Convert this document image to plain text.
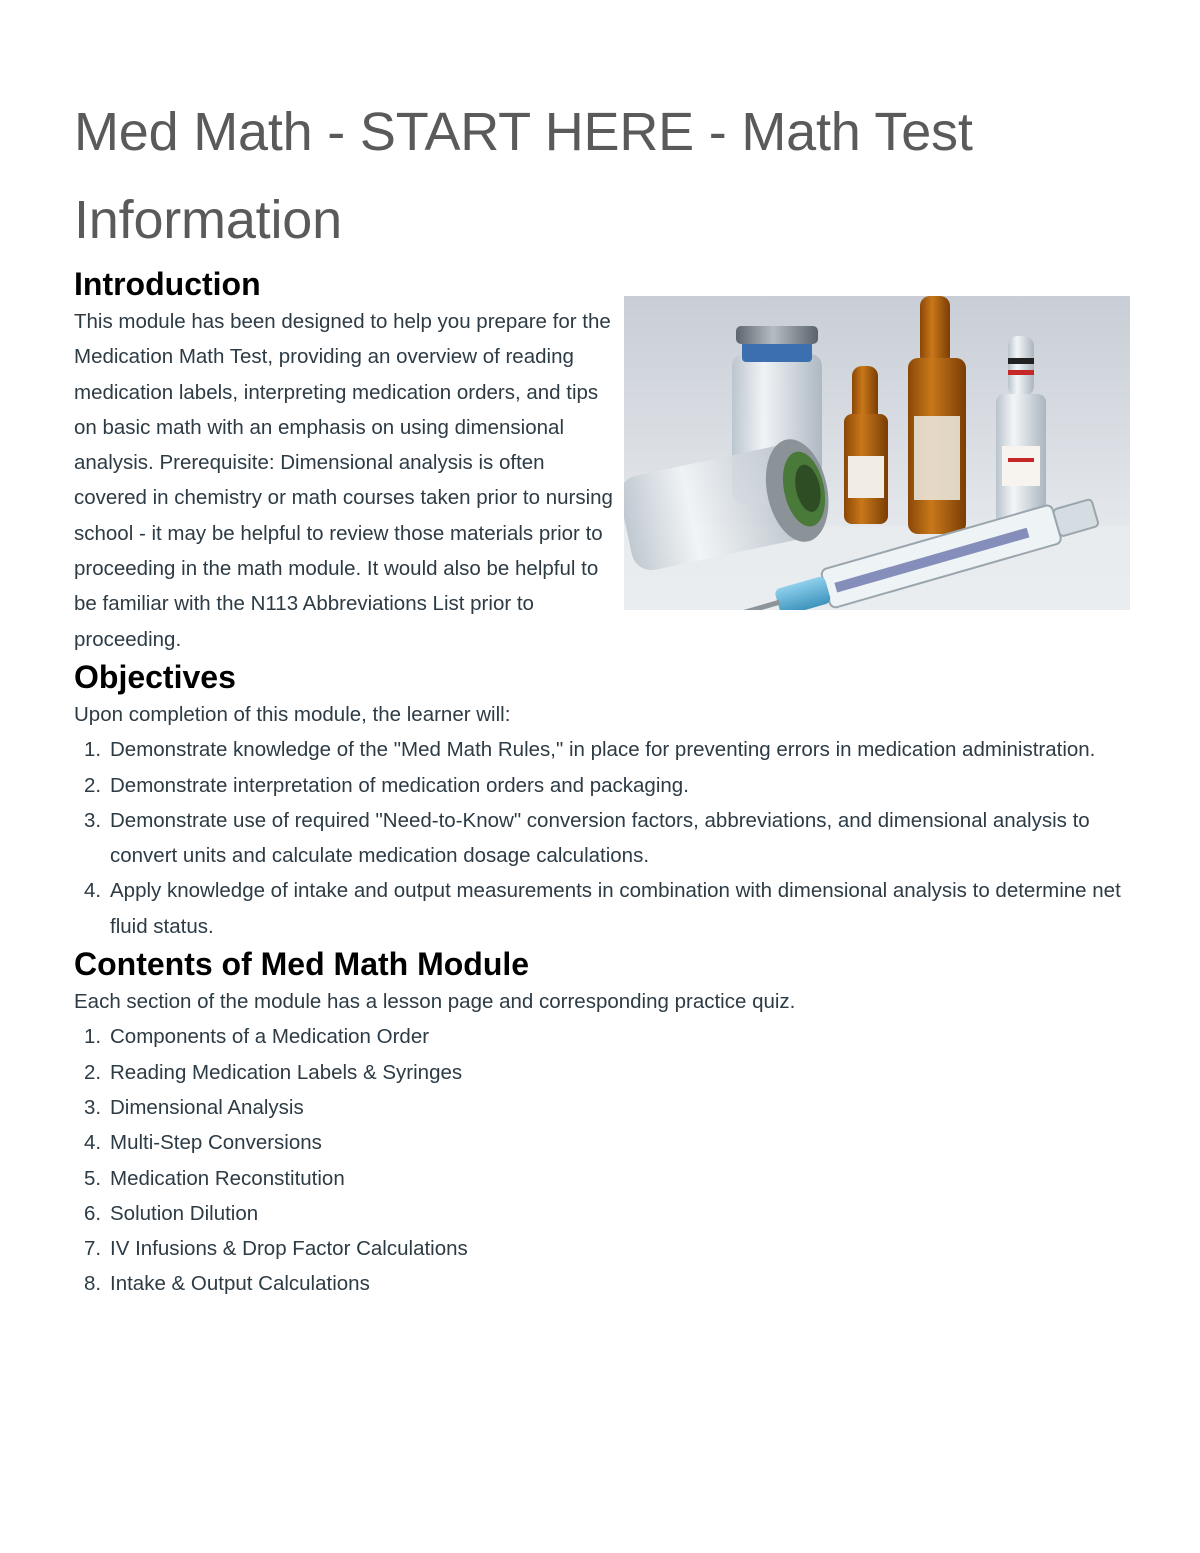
Med Math - START HERE - Math Test Information
Introduction

This module has been designed to help you prepare for the Medication Math Test, providing an overview of reading medication labels, interpreting medication orders, and tips on basic math with an emphasis on using dimensional analysis. Prerequisite: Dimensional analysis is often covered in chemistry or math courses taken prior to nursing school - it may be helpful to review those materials prior to proceeding in the math module. It would also be helpful to be familiar with the N113 Abbreviations List prior to proceeding.

Objectives

Upon completion of this module, the learner will:

1. Demonstrate knowledge of the "Med Math Rules," in place for preventing errors in medication administration.
2. Demonstrate interpretation of medication orders and packaging.
3. Demonstrate use of required "Need-to-Know" conversion factors, abbreviations, and dimensional analysis to convert units and calculate medication dosage calculations.
4. Apply knowledge of intake and output measurements in combination with dimensional analysis to determine net fluid status.
Contents of Med Math Module

Each section of the module has a lesson page and corresponding practice quiz.

1. Components of a Medication Order
2. Reading Medication Labels & Syringes
3. Dimensional Analysis
4. Multi-Step Conversions
5. Medication Reconstitution
6. Solution Dilution
7. IV Infusions & Drop Factor Calculations
8. Intake & Output Calculations
